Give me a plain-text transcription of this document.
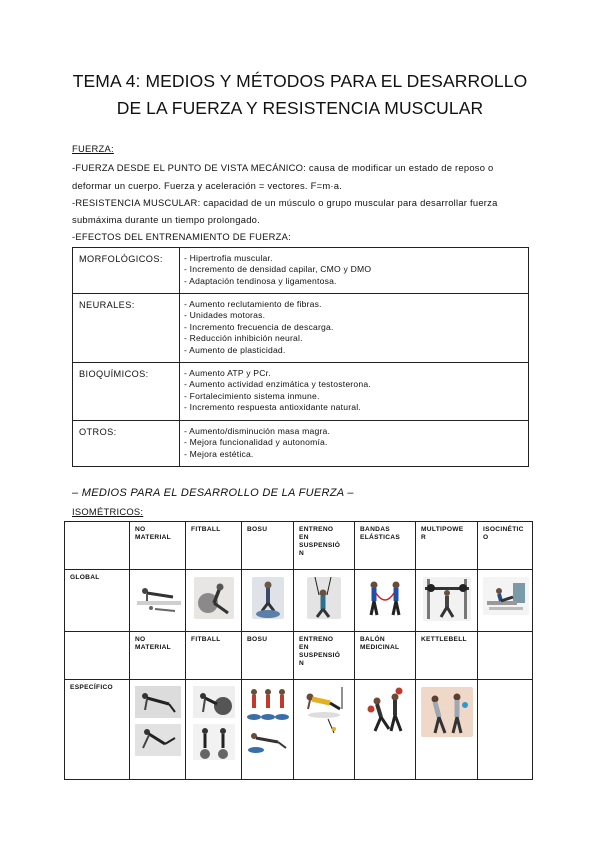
TEMA 4: MEDIOS Y MÉTODOS PARA EL DESARROLLO
DE LA FUERZA Y RESISTENCIA MUSCULAR
FUERZA:
-FUERZA DESDE EL PUNTO DE VISTA MECÁNICO: causa de modificar un estado de reposo o
deformar un cuerpo. Fuerza y aceleración = vectores. F=m·a.
-RESISTENCIA MUSCULAR: capacidad de un músculo o grupo muscular para desarrollar fuerza
submáxima durante un tiempo prolongado.
-EFECTOS DEL ENTRENAMIENTO DE FUERZA:
MORFOLÓGICOS:	- Hipertrofia muscular.
- Incremento de densidad capilar, CMO y DMO
- Adaptación tendinosa y ligamentosa.

NEURALES:	- Aumento reclutamiento de fibras.
- Unidades motoras.
- Incremento frecuencia de descarga.
- Reducción inhibición neural.
- Aumento de plasticidad.

BIOQUÍMICOS:	- Aumento ATP y PCr.
- Aumento actividad enzimática y testosterona.
- Fortalecimiento sistema inmune.
- Incremento respuesta antioxidante natural.

OTROS:	- Aumento/disminución masa magra.
- Mejora funcionalidad y autonomía.
- Mejora estética.
– MEDIOS PARA EL DESARROLLO DE LA FUERZA –
ISOMÉTRICOS:
	NO
MATERIAL	FITBALL	BOSU	ENTRENO
EN
SUSPENSIÓ
N	BANDAS
ELÁSTICAS	MULTIPOWE
R	ISOCINÉTIC
O
GLOBAL	

	NO
MATERIAL	FITBALL	BOSU	ENTRENO
EN
SUSPENSIÓ
N	BALÓN
MEDICINAL	KETTLEBELL	
ESPECÍFICO	
